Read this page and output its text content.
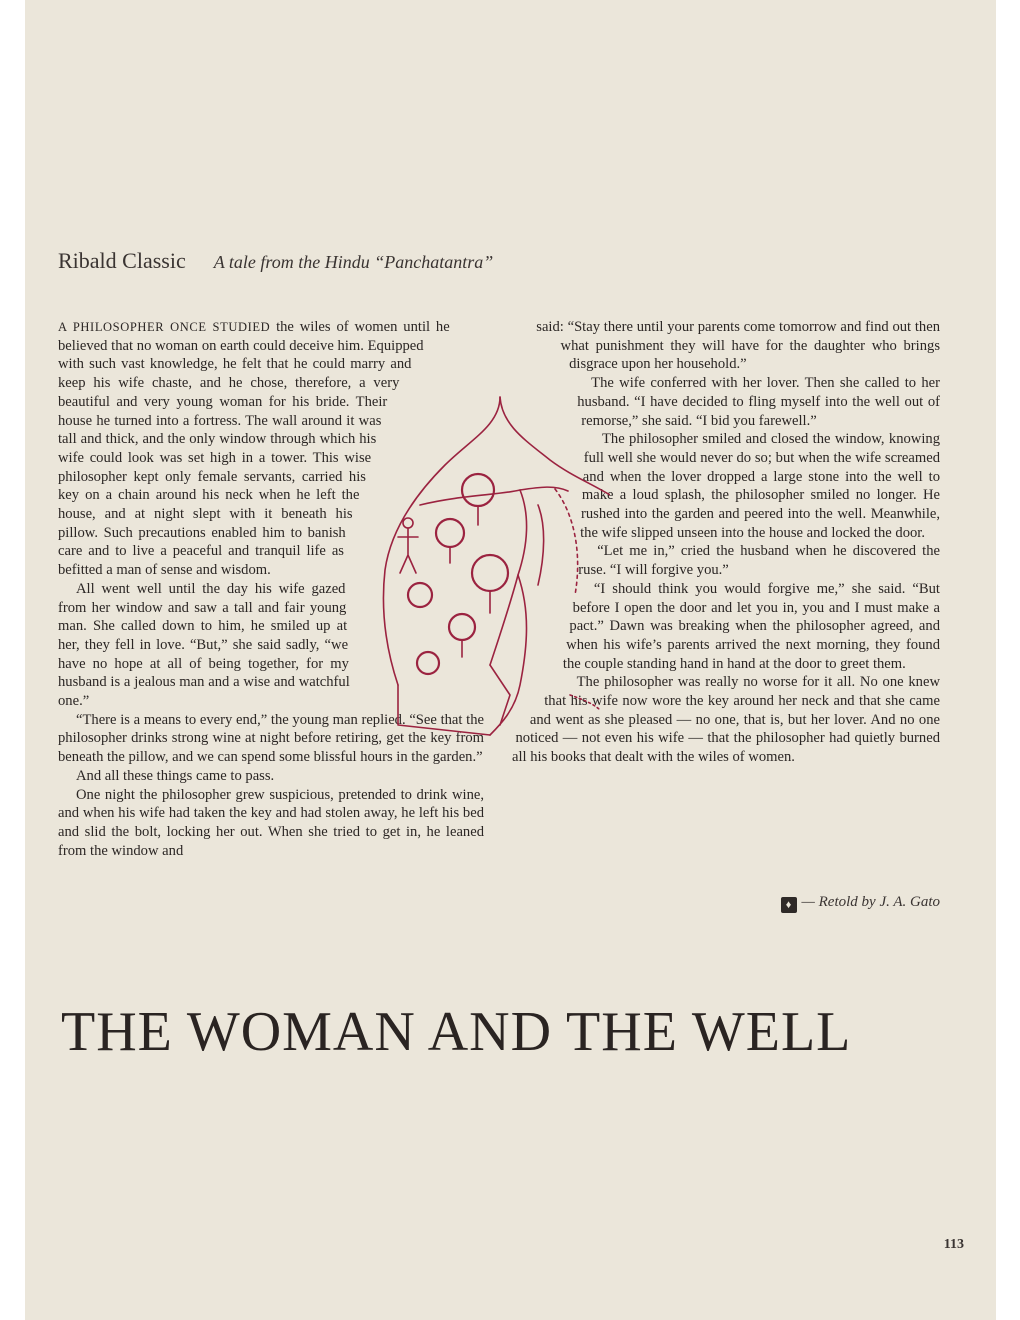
Ribald Classic A tale from the Hindu “Panchatantra”

A PHILOSOPHER ONCE STUDIED the wiles of women until he believed that no woman on earth could deceive him. Equipped with such vast knowledge, he felt that he could marry and keep his wife chaste, and he chose, therefore, a very beautiful and very young woman for his bride. Their house he turned into a fortress. The wall around it was tall and thick, and the only window through which his wife could look was set high in a tower. This wise philosopher kept only female servants, carried his key on a chain around his neck when he left the house, and at night slept with it beneath his pillow. Such precautions enabled him to banish care and to live a peaceful and tranquil life as befitted a man of sense and wisdom.

All went well until the day his wife gazed from her window and saw a tall and fair young man. She called down to him, he smiled up at her, they fell in love. “But,” she said sadly, “we have no hope at all of being together, for my husband is a jealous man and a wise and watchful one.”

“There is a means to every end,” the young man replied. “See that the philosopher drinks strong wine at night before retiring, get the key from beneath the pillow, and we can spend some blissful hours in the garden.”

And all these things came to pass.

One night the philosopher grew suspicious, pretended to drink wine, and when his wife had taken the key and had stolen away, he left his bed and slid the bolt, locking her out. When she tried to get in, he leaned from the window and

said: “Stay there until your parents come tomorrow and find out then what punishment they will have for the daughter who brings disgrace upon her household.”

The wife conferred with her lover. Then she called to her husband. “I have decided to fling myself into the well out of remorse,” she said. “I bid you farewell.”

The philosopher smiled and closed the window, knowing full well she would never do so; but when the wife screamed and when the lover dropped a large stone into the well to make a loud splash, the philosopher smiled no longer. He rushed into the garden and peered into the well. Meanwhile, the wife slipped unseen into the house and locked the door.

“Let me in,” cried the husband when he discovered the ruse. “I will forgive you.”

“I should think you would forgive me,” she said. “But before I open the door and let you in, you and I must make a pact.” Dawn was breaking when the philosopher agreed, and when his wife’s parents arrived the next morning, they found the couple standing hand in hand at the door to greet them.

The philosopher was really no worse for it all. No one knew that his wife now wore the key around her neck and that she came and went as she pleased — no one, that is, but her lover. And no one noticed — not even his wife — that the philosopher had quietly burned all his books that dealt with the wiles of women.

♦ — Retold by J. A. Gato
THE WOMAN AND THE WELL
113
